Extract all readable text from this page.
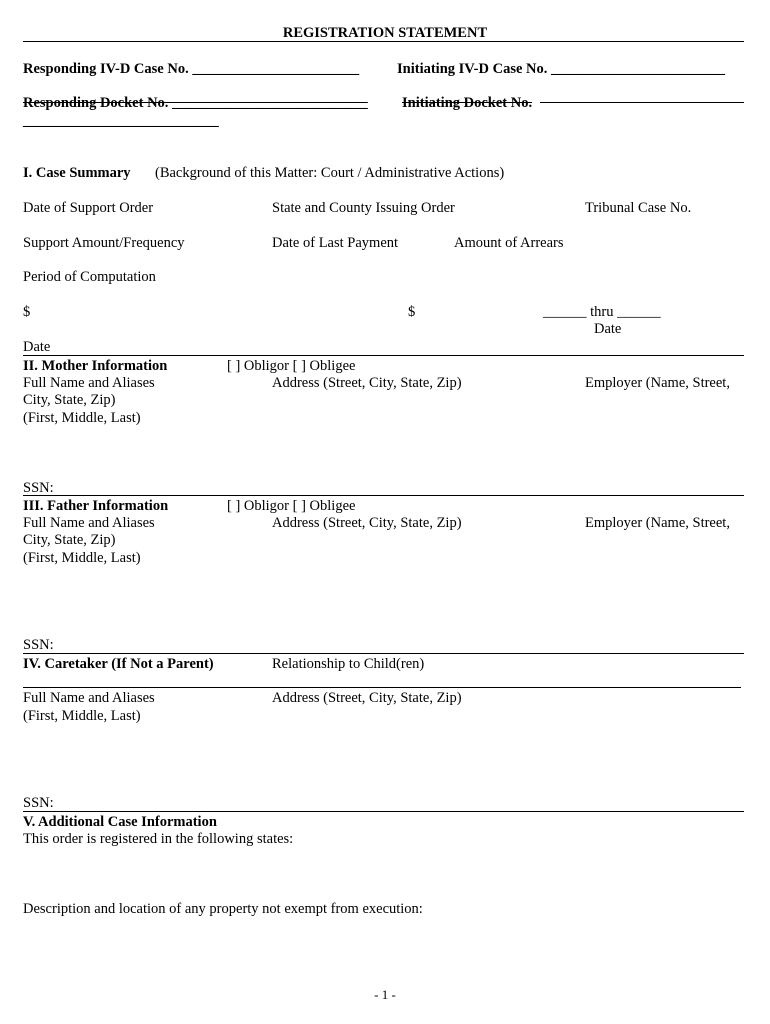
REGISTRATION STATEMENT
Responding IV-D Case No. _______________________	Initiating IV-D Case No. ________________________
Responding Docket No. ___________________________ Initiating Docket No.
___________________________
I. Case Summary (Background of this Matter: Court / Administrative Actions)
Date of Support Order	State and County Issuing Order	Tribunal Case No.
Support Amount/Frequency	Date of Last Payment	Amount of Arrears
Period of Computation
$	$	______ thru ______
Date
Date
II. Mother Information	[ ] Obligor [ ] Obligee
Full Name and Aliases	Address (Street, City, State, Zip)	Employer (Name, Street,
City, State, Zip)
(First, Middle, Last)
SSN:
III. Father Information	[ ] Obligor [ ] Obligee
Full Name and Aliases	Address (Street, City, State, Zip)	Employer (Name, Street,
City, State, Zip)
(First, Middle, Last)
SSN:
IV. Caretaker (If Not a Parent)	Relationship to Child(ren)
Full Name and Aliases	Address (Street, City, State, Zip)
(First, Middle, Last)
SSN:
V. Additional Case Information
This order is registered in the following states:
Description and location of any property not exempt from execution:
- 1 -
